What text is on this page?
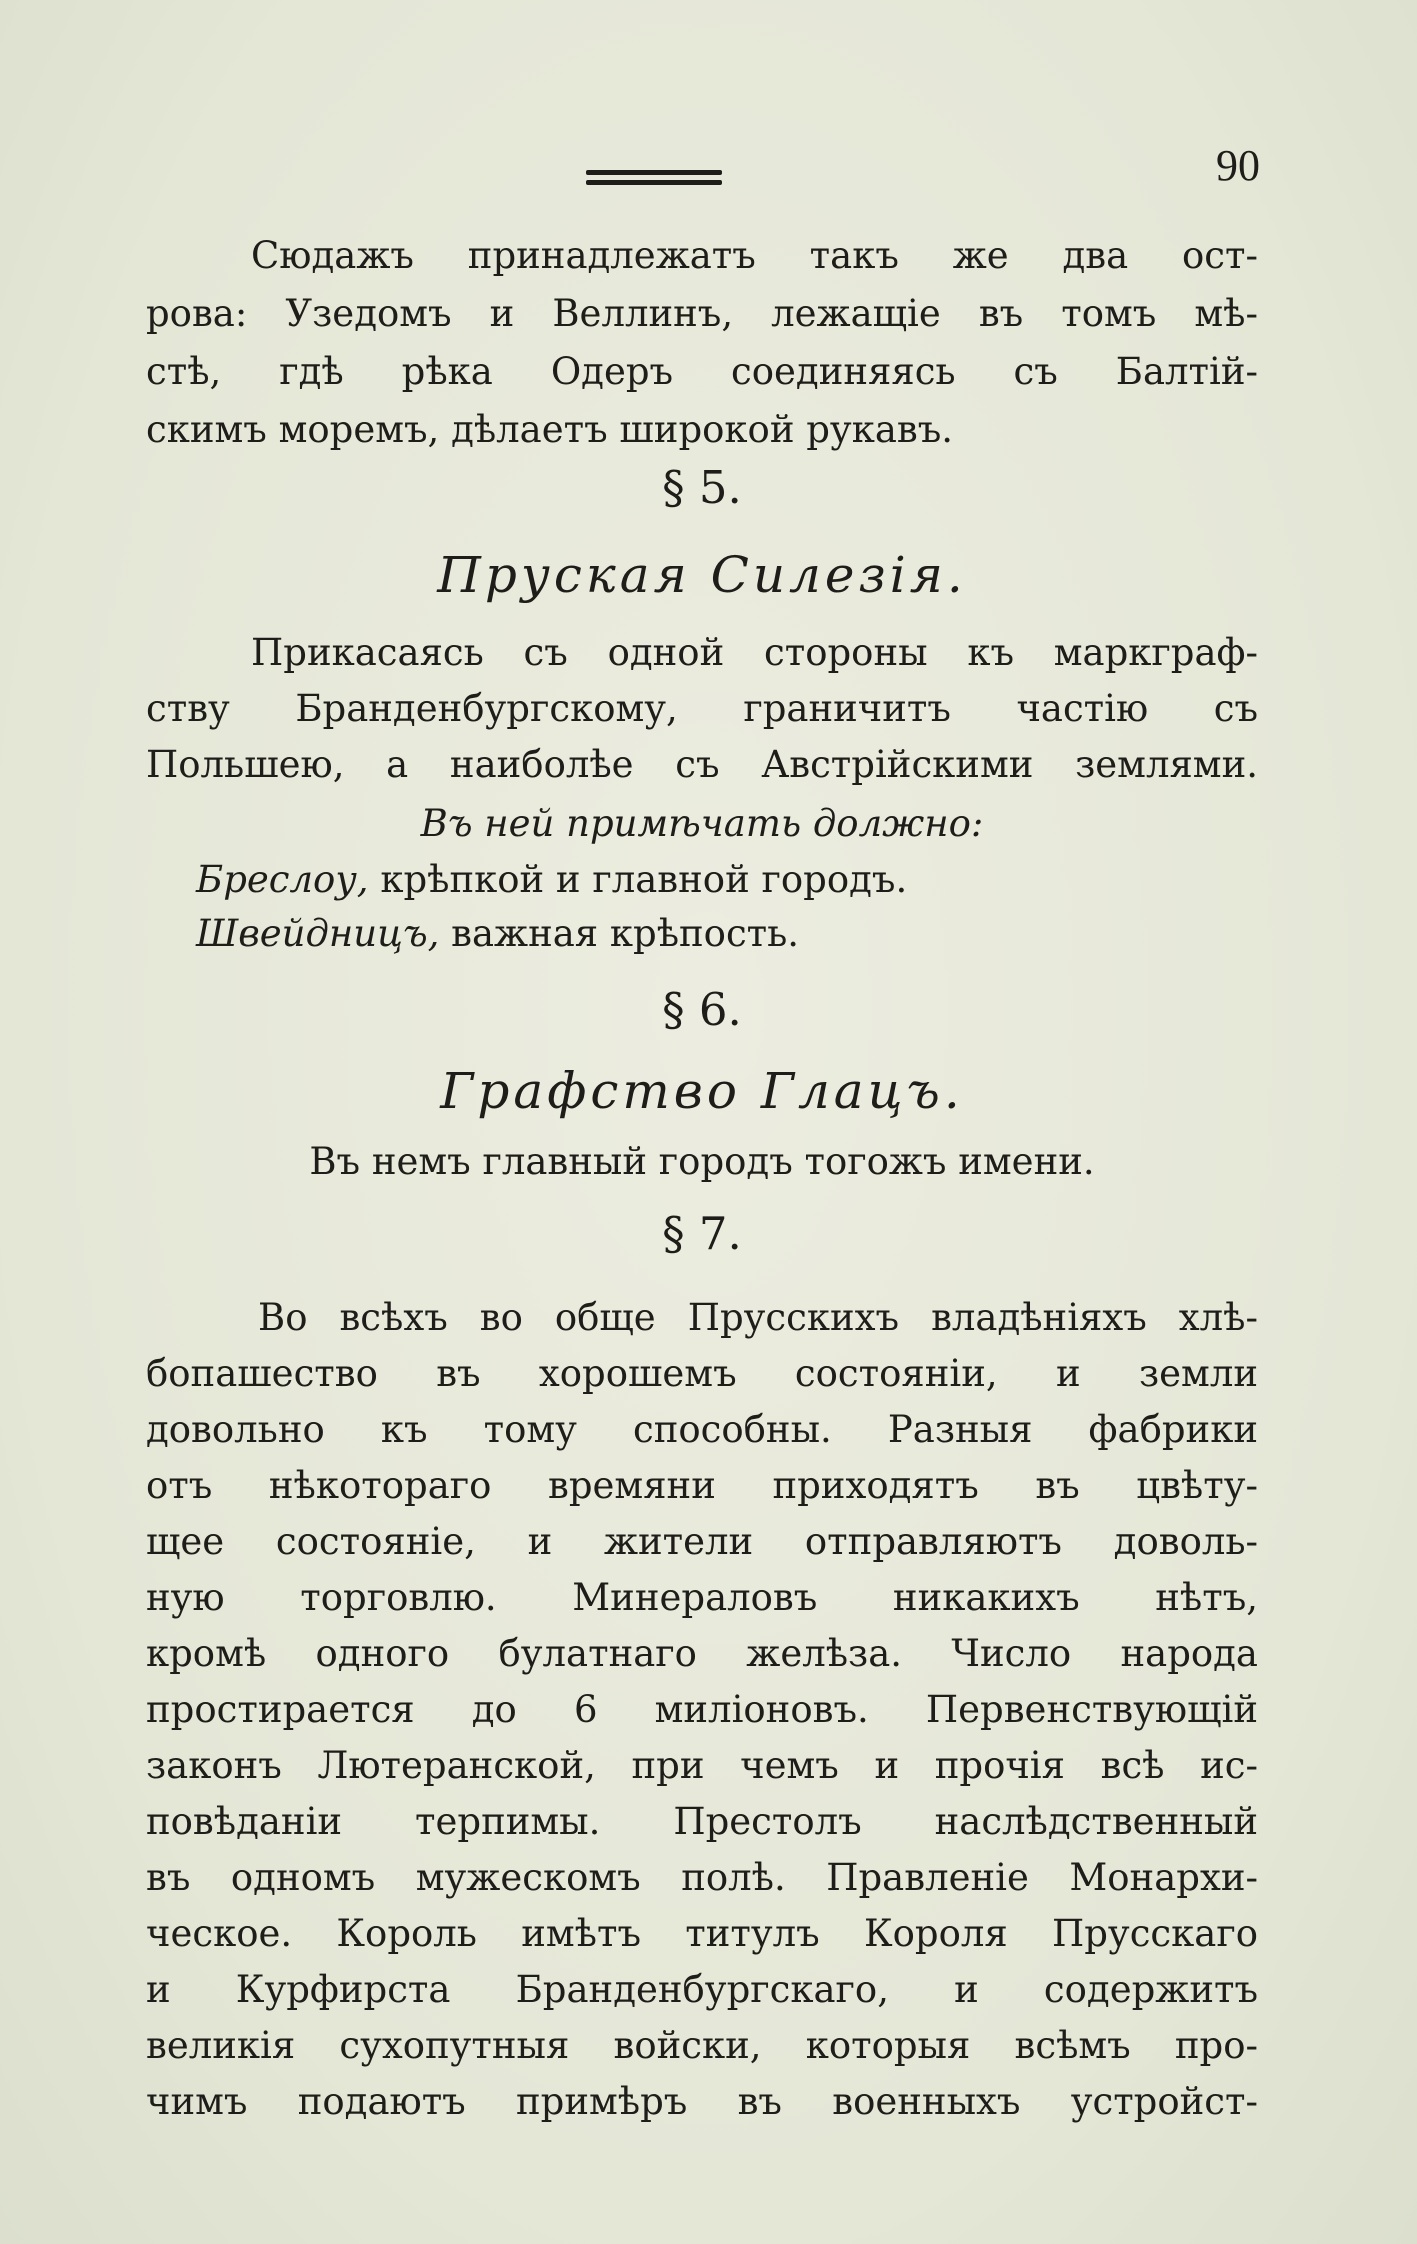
90
Сюдажъ принадлежатъ такъ же два ост-
рова: Узедомъ и Веллинъ, лежащіе въ томъ мѣ-
стѣ, гдѣ рѣка Одеръ соединяясь съ Балтій-
скимъ моремъ, дѣлаетъ широкой рукавъ.
§ 5.
Пруская Силезія.
Прикасаясь съ одной стороны къ маркграф-
ству Бранденбургскому, граничитъ частію съ
Польшею, а наиболѣе съ Австрійскими землями.
Въ ней примѣчать должно:
Бреслоу, крѣпкой и главной городъ.
Швейдницъ, важная крѣпость.
§ 6.
Графство Глацъ.
Въ немъ главный городъ тогожъ имени.
§ 7.
Во всѣхъ во обще Прусскихъ владѣніяхъ хлѣ-
бопашество въ хорошемъ состояніи, и земли
довольно къ тому способны. Разныя фабрики
отъ нѣкотораго времяни приходятъ въ цвѣту-
щее состояніе, и жители отправляютъ доволь-
ную торговлю. Минераловъ никакихъ нѣтъ,
кромѣ одного булатнаго желѣза. Число народа
простирается до 6 миліоновъ. Первенствующій
законъ Лютеранской, при чемъ и прочія всѣ ис-
повѣданіи терпимы. Престолъ наслѣдственный
въ одномъ мужескомъ полѣ. Правленіе Монархи-
ческое. Король имѣтъ титулъ Короля Прусскаго
и Курфирста Бранденбургскаго, и содержитъ
великія сухопутныя войски, которыя всѣмъ про-
чимъ подаютъ примѣръ въ военныхъ устройст-
